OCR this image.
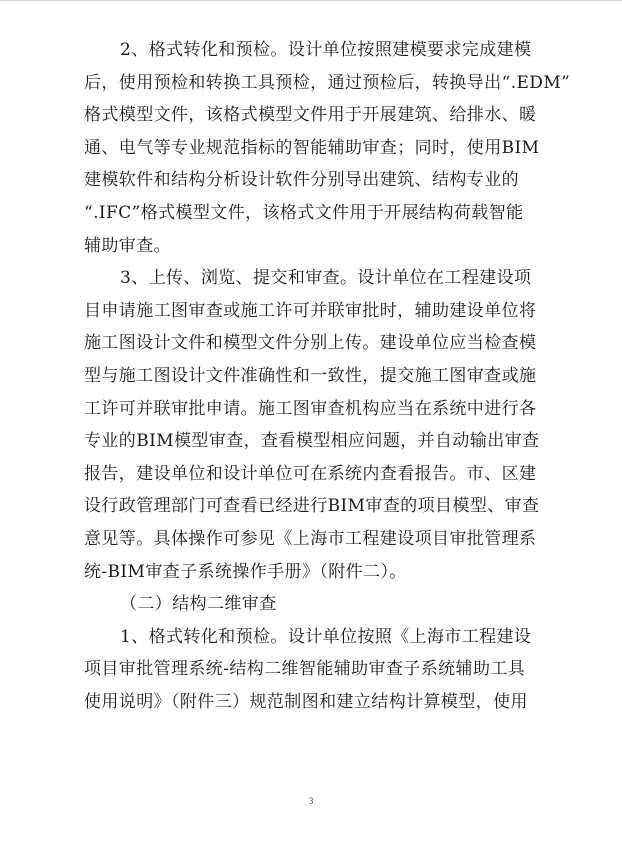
2、格式转化和预检。设计单位按照建模要求完成建模
后，使用预检和转换工具预检，通过预检后，转换导出“.EDM”
格式模型文件，该格式模型文件用于开展建筑、给排水、暖
通、电气等专业规范指标的智能辅助审查；同时，使用BIM
建模软件和结构分析设计软件分别导出建筑、结构专业的
“.IFC”格式模型文件，该格式文件用于开展结构荷载智能
辅助审查。

3、上传、浏览、提交和审查。设计单位在工程建设项
目申请施工图审查或施工许可并联审批时，辅助建设单位将
施工图设计文件和模型文件分别上传。建设单位应当检查模
型与施工图设计文件准确性和一致性，提交施工图审查或施
工许可并联审批申请。施工图审查机构应当在系统中进行各
专业的BIM模型审查，查看模型相应问题，并自动输出审查
报告，建设单位和设计单位可在系统内查看报告。市、区建
设行政管理部门可查看已经进行BIM审查的项目模型、审查
意见等。具体操作可参见《上海市工程建设项目审批管理系
统-BIM审查子系统操作手册》（附件二）。

（二）结构二维审查

1、格式转化和预检。设计单位按照《上海市工程建设
项目审批管理系统-结构二维智能辅助审查子系统辅助工具
使用说明》（附件三）规范制图和建立结构计算模型，使用

3
